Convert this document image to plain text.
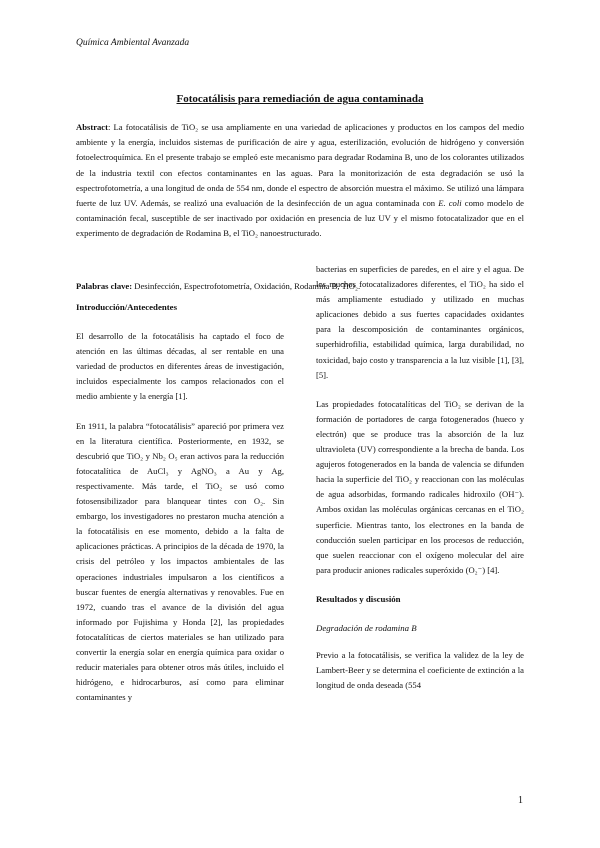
Química Ambiental Avanzada
Fotocatálisis para remediación de agua contaminada

Abstract: La fotocatálisis de TiO₂ se usa ampliamente en una variedad de aplicaciones y productos en los campos del medio ambiente y la energía, incluidos sistemas de purificación de aire y agua, esterilización, evolución de hidrógeno y conversión fotoelectroquímica. En el presente trabajo se empleó este mecanismo para degradar Rodamina B, uno de los colorantes utilizados de la industria textil con efectos contaminantes en las aguas. Para la monitorización de esta degradación se usó la espectrofotometría, a una longitud de onda de 554 nm, donde el espectro de absorción muestra el máximo. Se utilizó una lámpara fuerte de luz UV. Además, se realizó una evaluación de la desinfección de un agua contaminada con E. coli como modelo de contaminación fecal, susceptible de ser inactivado por oxidación en presencia de luz UV y el mismo fotocatalizador que en el experimento de degradación de Rodamina B, el TiO₂ nanoestructurado.

Palabras clave: Desinfección, Espectrofotometría, Oxidación, Rodamina B, TiO₂.

Introducción/Antecedentes

El desarrollo de la fotocatálisis ha captado el foco de atención en las últimas décadas, al ser rentable en una variedad de productos en diferentes áreas de investigación, incluidos especialmente los campos relacionados con el medio ambiente y la energía [1].

En 1911, la palabra “fotocatálisis” apareció por primera vez en la literatura científica. Posteriormente, en 1932, se descubrió que TiO₂ y Nb₂ O₅ eran activos para la reducción fotocatalítica de AuCl₃ y AgNO₃ a Au y Ag, respectivamente. Más tarde, el TiO₂ se usó como fotosensibilizador para blanquear tintes con O₂. Sin embargo, los investigadores no prestaron mucha atención a la fotocatálisis en ese momento, debido a la falta de aplicaciones prácticas. A principios de la década de 1970, la crisis del petróleo y los impactos ambientales de las operaciones industriales impulsaron a los científicos a buscar fuentes de energía alternativas y renovables. Fue en 1972, cuando tras el avance de la división del agua informado por Fujishima y Honda [2], las propiedades fotocatalíticas de ciertos materiales se han utilizado para convertir la energía solar en energía química para oxidar o reducir materiales para obtener otros más útiles, incluido el hidrógeno, e hidrocarburos, así como para eliminar contaminantes y

bacterias en superficies de paredes, en el aire y el agua. De los muchos fotocatalizadores diferentes, el TiO₂ ha sido el más ampliamente estudiado y utilizado en muchas aplicaciones debido a sus fuertes capacidades oxidantes para la descomposición de contaminantes orgánicos, superhidrofilia, estabilidad química, larga durabilidad, no toxicidad, bajo costo y transparencia a la luz visible [1], [3], [5].

Las propiedades fotocatalíticas del TiO₂ se derivan de la formación de portadores de carga fotogenerados (hueco y electrón) que se produce tras la absorción de la luz ultravioleta (UV) correspondiente a la brecha de banda. Los agujeros fotogenerados en la banda de valencia se difunden hacia la superficie del TiO₂ y reaccionan con las moléculas de agua adsorbidas, formando radicales hidroxilo (OH⁻). Ambos oxidan las moléculas orgánicas cercanas en el TiO₂ superficie. Mientras tanto, los electrones en la banda de conducción suelen participar en los procesos de reducción, que suelen reaccionar con el oxígeno molecular del aire para producir aniones radicales superóxido (O₂⁻) [4].

Resultados y discusión
Degradación de rodamina B

Previo a la fotocatálisis, se verifica la validez de la ley de Lambert-Beer y se determina el coeficiente de extinción a la longitud de onda deseada (554

1
